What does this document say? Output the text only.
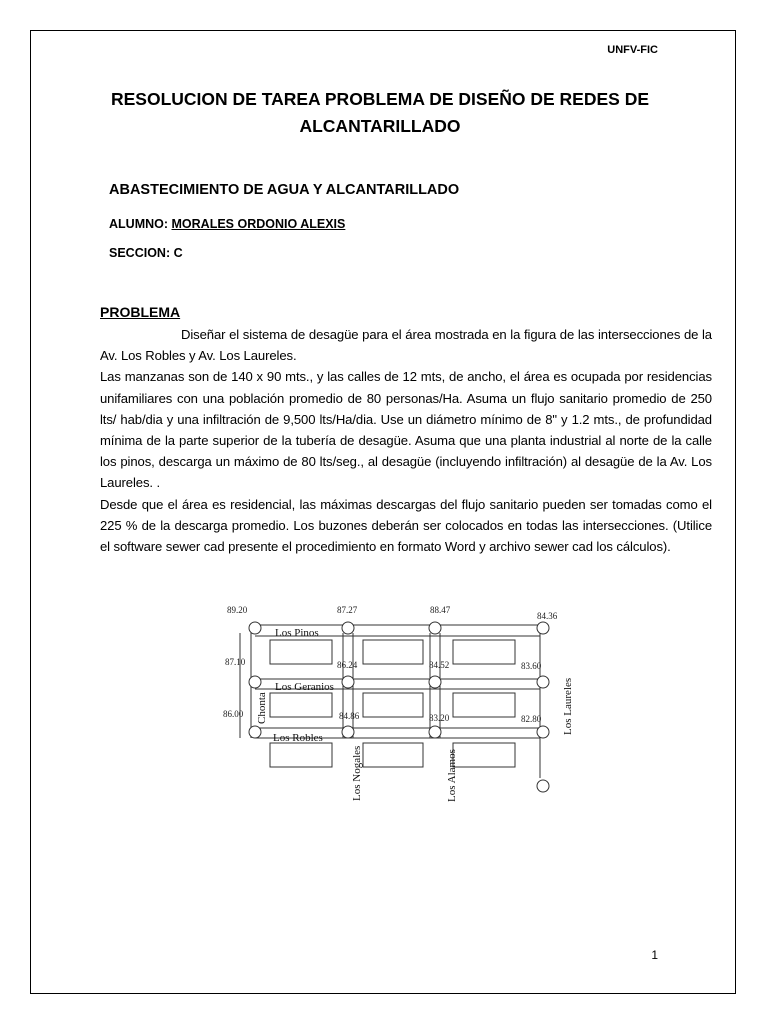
UNFV-FIC
RESOLUCION DE TAREA PROBLEMA DE DISEÑO DE REDES DE
ALCANTARILLADO
ABASTECIMIENTO DE AGUA Y ALCANTARILLADO
ALUMNO: MORALES ORDONIO ALEXIS
SECCION: C
PROBLEMA

Diseñar el sistema de desagüe para el área mostrada en la figura de las intersecciones de la Av. Los Robles y Av. Los Laureles.

Las manzanas son de 140 x 90 mts., y las calles de 12 mts, de ancho, el área es ocupada por residencias unifamiliares con una población promedio de 80 personas/Ha. Asuma un flujo sanitario promedio de 250 lts/ hab/dia y una infiltración de 9,500 lts/Ha/dia. Use un diámetro mínimo de 8" y 1.2 mts., de profundidad mínima de la parte superior de la tubería de desagüe. Asuma que una planta industrial al norte de la calle los pinos, descarga un máximo de 80 lts/seg., al desagüe (incluyendo infiltración) al desagüe de la Av. Los Laureles. .

Desde que el área es residencial, las máximas descargas del flujo sanitario pueden ser tomadas como el 225 % de la descarga promedio. Los buzones deberán ser colocados en todas las intersecciones. (Utilice el software sewer cad presente el procedimiento en formato Word y archivo sewer cad los cálculos).

89.20	87.27	88.47
84.36
87.10	86.24	84.52	83.60
86.00	84.86	83.20	82.80
Los Pinos
Los Geranios
Los Robles
Chonta
Los Nogales	Los Alamos
Los Laureles
1
